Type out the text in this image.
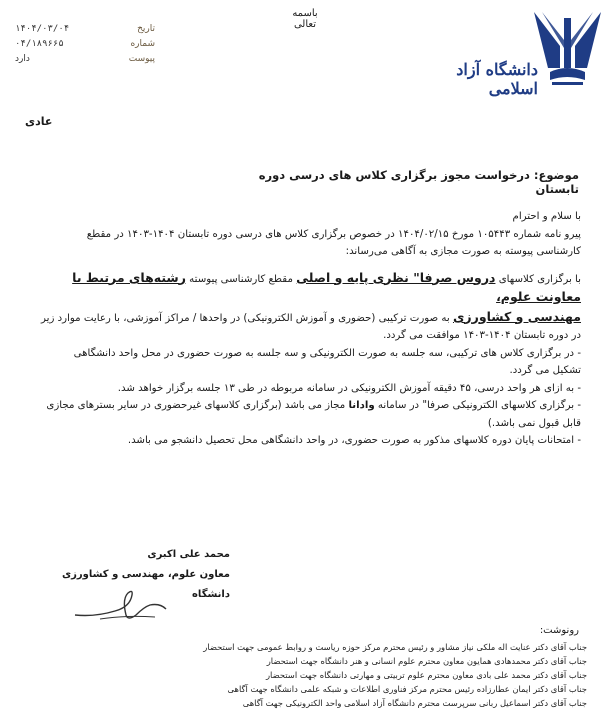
دانشگاه آزاد اسلامی
باسمه تعالی
تاریخ
۱۴۰۴/۰۳/۰۴
شماره
۰۴/۱۸۹۶۶۵
پیوست
دارد
عادی
موضوع: درخواست مجوز برگزاری کلاس های درسی دوره تابستان

با سلام و احترام

پیرو نامه شماره ۱۰۵۴۴۳ مورخ ۱۴۰۴/۰۲/۱۵ در خصوص برگزاری کلاس های درسی دوره تابستان ۱۴۰۴-۱۴۰۳ در مقطع

کارشناسی پیوسته به صورت مجازی به آگاهی می‌رساند:

با برگزاری کلاسهای دروس صرفا" نظری پایه و اصلی مقطع کارشناسی پیوسته رشته‌های مرتبط با معاونت علوم،

مهندسی و کشاورزی به صورت ترکیبی (حضوری و آموزش الکترونیکی) در واحدها / مراکز آموزشی، با رعایت موارد زیر

در دوره تابستان ۱۴۰۴-۱۴۰۳ موافقت می گردد.

- در برگزاری کلاس های ترکیبی، سه جلسه به صورت الکترونیکی و سه جلسه به صورت حضوری در محل واحد دانشگاهی

تشکیل می گردد.

- به ازای هر واحد درسی، ۴۵ دقیقه آموزش الکترونیکی در سامانه مربوطه در طی ۱۳ جلسه برگزار خواهد شد.

- برگزاری کلاسهای الکترونیکی صرفا" در سامانه وادانا مجاز می باشد (برگزاری کلاسهای غیرحضوری در سایر بسترهای مجازی

قابل قبول نمی باشد.)

- امتحانات پایان دوره کلاسهای مذکور به صورت حضوری، در واحد دانشگاهی محل تحصیل دانشجو می باشد.

محمد علی اکبری
معاون علوم، مهندسی و کشاورزی دانشگاه
رونوشت:
جناب آقای دکتر عنایت اله ملکی نیاز مشاور و رئیس محترم مرکز حوزه ریاست و روابط عمومی جهت استحضار
جناب آقای دکتر محمدهادی همایون معاون محترم علوم انسانی و هنر دانشگاه جهت استحضار
جناب آقای دکتر محمد علی بادی معاون محترم علوم تربیتی و مهارتی دانشگاه جهت استحضار
جناب آقای دکتر ایمان عطارزاده رئیس محترم مرکز فناوری اطلاعات و شبکه علمی دانشگاه جهت آگاهی
جناب آقای دکتر اسماعیل ربانی سرپرست محترم دانشگاه آزاد اسلامی واحد الکترونیکی جهت آگاهی
